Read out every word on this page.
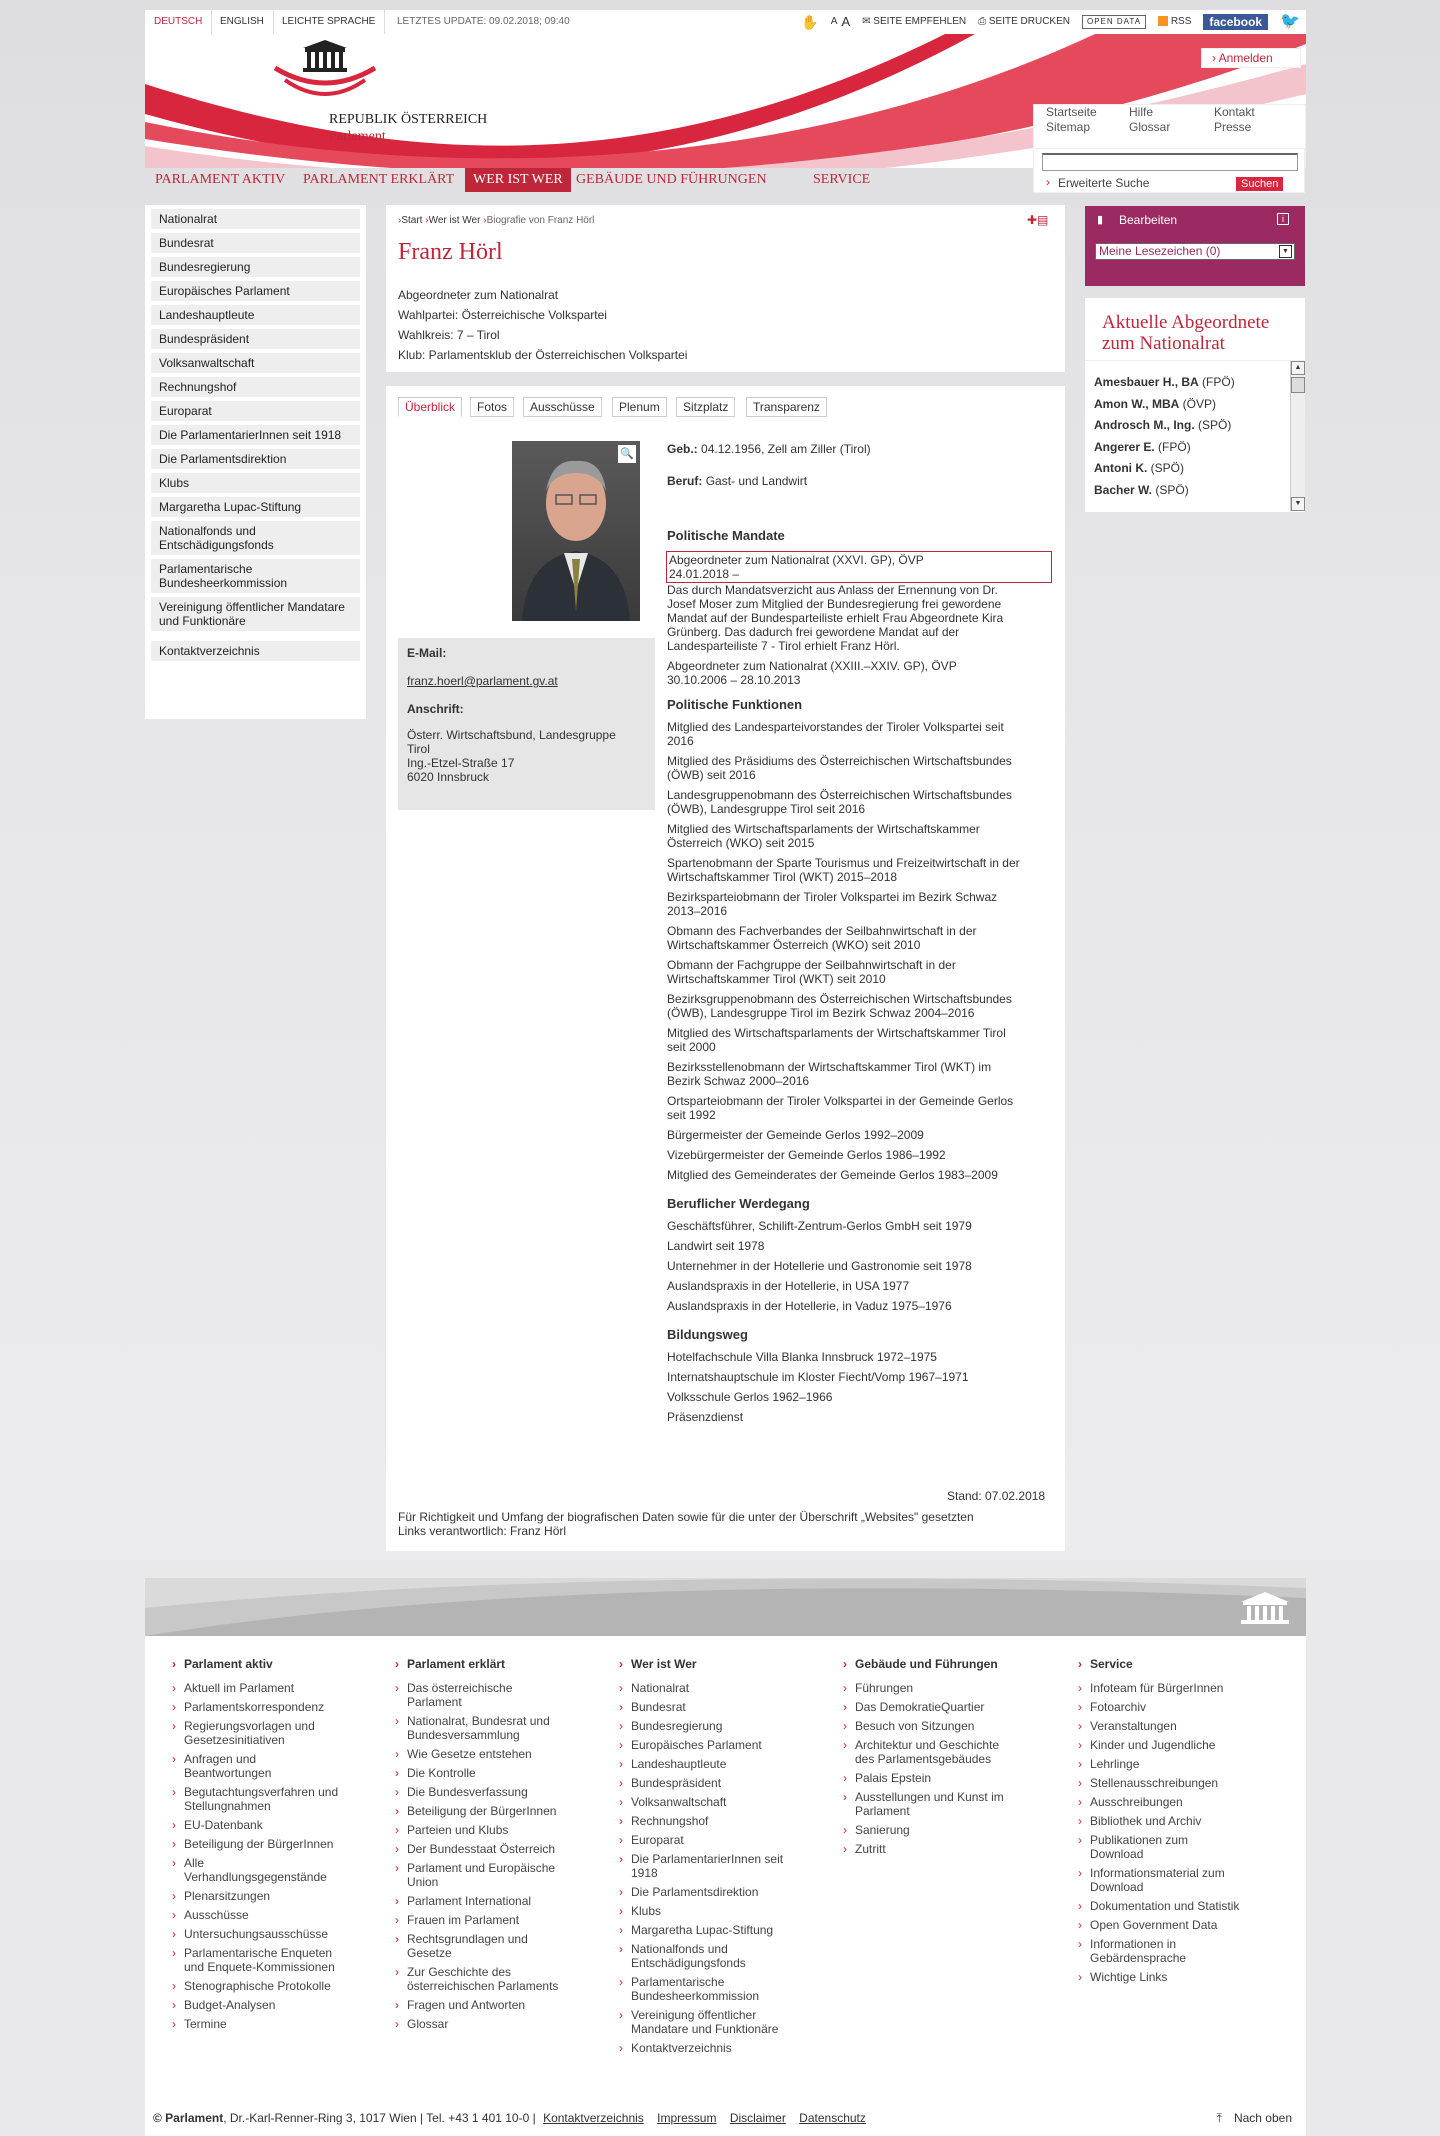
DEUTSCH	ENGLISH	LEICHTE SPRACHE	LETZTES UPDATE: 09.02.2018; 09:40	✋ A A ✉ SEITE EMPFEHLEN ⎙ SEITE DRUCKEN	OPEN DATA	RSS	facebook	🐦
REPUBLIK ÖSTERREICH
Parlament
› Anmelden
Startseite	Hilfe	Kontakt
Sitemap	Glossar	Presse
PARLAMENT AKTIV	PARLAMENT ERKLÄRT	WER IST WER GEBÄUDE UND FÜHRUNGEN	SERVICE	› Erweiterte Suche	Suchen
Nationalrat
Bundesrat
Bundesregierung
Europäisches Parlament
Landeshauptleute
Bundespräsident
Volksanwaltschaft
Rechnungshof
Europarat
Die ParlamentarierInnen seit 1918
Die Parlamentsdirektion
Klubs
Margaretha Lupac-Stiftung
Nationalfonds und Entschädigungsfonds
Parlamentarische Bundesheerkommission
Vereinigung öffentlicher Mandatare und Funktionäre
Kontaktverzeichnis
›Start ›Wer ist Wer ›Biografie von Franz Hörl	✚▤
Franz Hörl
Abgeordneter zum Nationalrat
Wahlpartei: Österreichische Volkspartei
Wahlkreis: 7 – Tirol
Klub: Parlamentsklub der Österreichischen Volkspartei
Überblick	Fotos	Ausschüsse	Plenum	Sitzplatz	Transparenz
🔍
E-Mail:
franz.hoerl@parlament.gv.at
Anschrift:
Österr. Wirtschaftsbund, Landesgruppe
Tirol
Ing.-Etzel-Straße 17
6020 Innsbruck
Geb.: 04.12.1956, Zell am Ziller (Tirol)
Beruf: Gast- und Landwirt
Politische Mandate
Abgeordneter zum Nationalrat (XXVI. GP), ÖVP
24.01.2018 –
Das durch Mandatsverzicht aus Anlass der Ernennung von Dr.
Josef Moser zum Mitglied der Bundesregierung frei gewordene
Mandat auf der Bundesparteiliste erhielt Frau Abgeordnete Kira
Grünberg. Das dadurch frei gewordene Mandat auf der
Landesparteiliste 7 - Tirol erhielt Franz Hörl.
Abgeordneter zum Nationalrat (XXIII.–XXIV. GP), ÖVP
30.10.2006 – 28.10.2013
Politische Funktionen
Mitglied des Landesparteivorstandes der Tiroler Volkspartei seit
2016
Mitglied des Präsidiums des Österreichischen Wirtschaftsbundes
(ÖWB) seit 2016
Landesgruppenobmann des Österreichischen Wirtschaftsbundes
(ÖWB), Landesgruppe Tirol seit 2016
Mitglied des Wirtschaftsparlaments der Wirtschaftskammer
Österreich (WKO) seit 2015
Spartenobmann der Sparte Tourismus und Freizeitwirtschaft in der
Wirtschaftskammer Tirol (WKT) 2015–2018
Bezirksparteiobmann der Tiroler Volkspartei im Bezirk Schwaz
2013–2016
Obmann des Fachverbandes der Seilbahnwirtschaft in der
Wirtschaftskammer Österreich (WKO) seit 2010
Obmann der Fachgruppe der Seilbahnwirtschaft in der
Wirtschaftskammer Tirol (WKT) seit 2010
Bezirksgruppenobmann des Österreichischen Wirtschaftsbundes
(ÖWB), Landesgruppe Tirol im Bezirk Schwaz 2004–2016
Mitglied des Wirtschaftsparlaments der Wirtschaftskammer Tirol
seit 2000
Bezirksstellenobmann der Wirtschaftskammer Tirol (WKT) im
Bezirk Schwaz 2000–2016
Ortsparteiobmann der Tiroler Volkspartei in der Gemeinde Gerlos
seit 1992
Bürgermeister der Gemeinde Gerlos 1992–2009
Vizebürgermeister der Gemeinde Gerlos 1986–1992
Mitglied des Gemeinderates der Gemeinde Gerlos 1983–2009
Beruflicher Werdegang
Geschäftsführer, Schilift-Zentrum-Gerlos GmbH seit 1979
Landwirt seit 1978
Unternehmer in der Hotellerie und Gastronomie seit 1978
Auslandspraxis in der Hotellerie, in USA 1977
Auslandspraxis in der Hotellerie, in Vaduz 1975–1976
Bildungsweg
Hotelfachschule Villa Blanka Innsbruck 1972–1975
Internatshauptschule im Kloster Fiecht/Vomp 1967–1971
Volksschule Gerlos 1962–1966
Präsenzdienst
Stand: 07.02.2018
Für Richtigkeit und Umfang der biografischen Daten sowie für die unter der Überschrift „Websites" gesetzten
Links verantwortlich: Franz Hörl
▮ Bearbeiten	i
Meine Lesezeichen (0)	▼
Aktuelle Abgeordnete
zum Nationalrat
Amesbauer H., BA (FPÖ)
Amon W., MBA (ÖVP)
Androsch M., Ing. (SPÖ)
Angerer E. (FPÖ)
Antoni K. (SPÖ)
Bacher W. (SPÖ)
▲
▼
› Parlament aktiv
› Aktuell im Parlament
› Parlamentskorrespondenz
› Regierungsvorlagen und
Gesetzesinitiativen
› Anfragen und
Beantwortungen
› Begutachtungsverfahren und
Stellungnahmen
› EU-Datenbank
› Beteiligung der BürgerInnen
› Alle
Verhandlungsgegenstände
› Plenarsitzungen
› Ausschüsse
› Untersuchungsausschüsse
› Parlamentarische Enqueten
und Enquete-Kommissionen
› Stenographische Protokolle
› Budget-Analysen
› Termine
› Parlament erklärt
› Das österreichische
Parlament
› Nationalrat, Bundesrat und
Bundesversammlung
› Wie Gesetze entstehen
› Die Kontrolle
› Die Bundesverfassung
› Beteiligung der BürgerInnen
› Parteien und Klubs
› Der Bundesstaat Österreich
› Parlament und Europäische
Union
› Parlament International
› Frauen im Parlament
› Rechtsgrundlagen und
Gesetze
› Zur Geschichte des
österreichischen Parlaments
› Fragen und Antworten
› Glossar
› Wer ist Wer
› Nationalrat
› Bundesrat
› Bundesregierung
› Europäisches Parlament
› Landeshauptleute
› Bundespräsident
› Volksanwaltschaft
› Rechnungshof
› Europarat
› Die ParlamentarierInnen seit
1918
› Die Parlamentsdirektion
› Klubs
› Margaretha Lupac-Stiftung
› Nationalfonds und
Entschädigungsfonds
› Parlamentarische
Bundesheerkommission
› Vereinigung öffentlicher
Mandatare und Funktionäre
› Kontaktverzeichnis
› Gebäude und Führungen
› Führungen
› Das DemokratieQuartier
› Besuch von Sitzungen
› Architektur und Geschichte
des Parlamentsgebäudes
› Palais Epstein
› Ausstellungen und Kunst im
Parlament
› Sanierung
› Zutritt
› Service
› Infoteam für BürgerInnen
› Fotoarchiv
› Veranstaltungen
› Kinder und Jugendliche
› Lehrlinge
› Stellenausschreibungen
› Ausschreibungen
› Bibliothek und Archiv
› Publikationen zum
Download
› Informationsmaterial zum
Download
› Dokumentation und Statistik
› Open Government Data
› Informationen in
Gebärdensprache
› Wichtige Links
© Parlament, Dr.-Karl-Renner-Ring 3, 1017 Wien | Tel. +43 1 401 10-0 | Kontaktverzeichnis Impressum Disclaimer Datenschutz	⤒ Nach oben
